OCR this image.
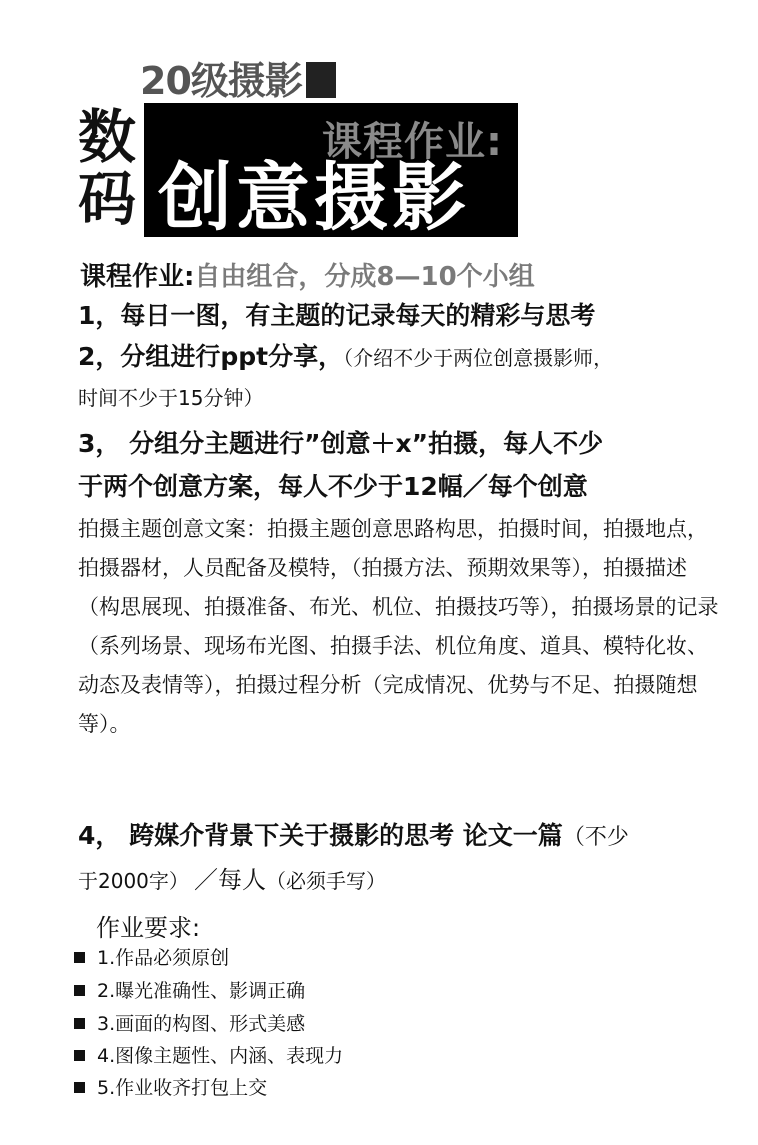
20级摄影
数
码
课程作业:
创意摄影
课程作业:自由组合，分成8—10个小组
1，每日一图，有主题的记录每天的精彩与思考
2，分组进行ppt分享，（介绍不少于两位创意摄影师，
时间不少于15分钟）
3， 分组分主题进行”创意＋x”拍摄，每人不少
于两个创意方案，每人不少于12幅／每个创意
拍摄主题创意文案：拍摄主题创意思路构思，拍摄时间，拍摄地点，拍摄器材，人员配备及模特，（拍摄方法、预期效果等），拍摄描述（构思展现、拍摄准备、布光、机位、拍摄技巧等），拍摄场景的记录（系列场景、现场布光图、拍摄手法、机位角度、道具、模特化妆、动态及表情等），拍摄过程分析（完成情况、优势与不足、拍摄随想等）。
4， 跨媒介背景下关于摄影的思考 论文一篇（不少
于2000字） ／每人（必须手写）
作业要求:
1.作品必须原创
2.曝光准确性、影调正确
3.画面的构图、形式美感
4.图像主题性、内涵、表现力
5.作业收齐打包上交
